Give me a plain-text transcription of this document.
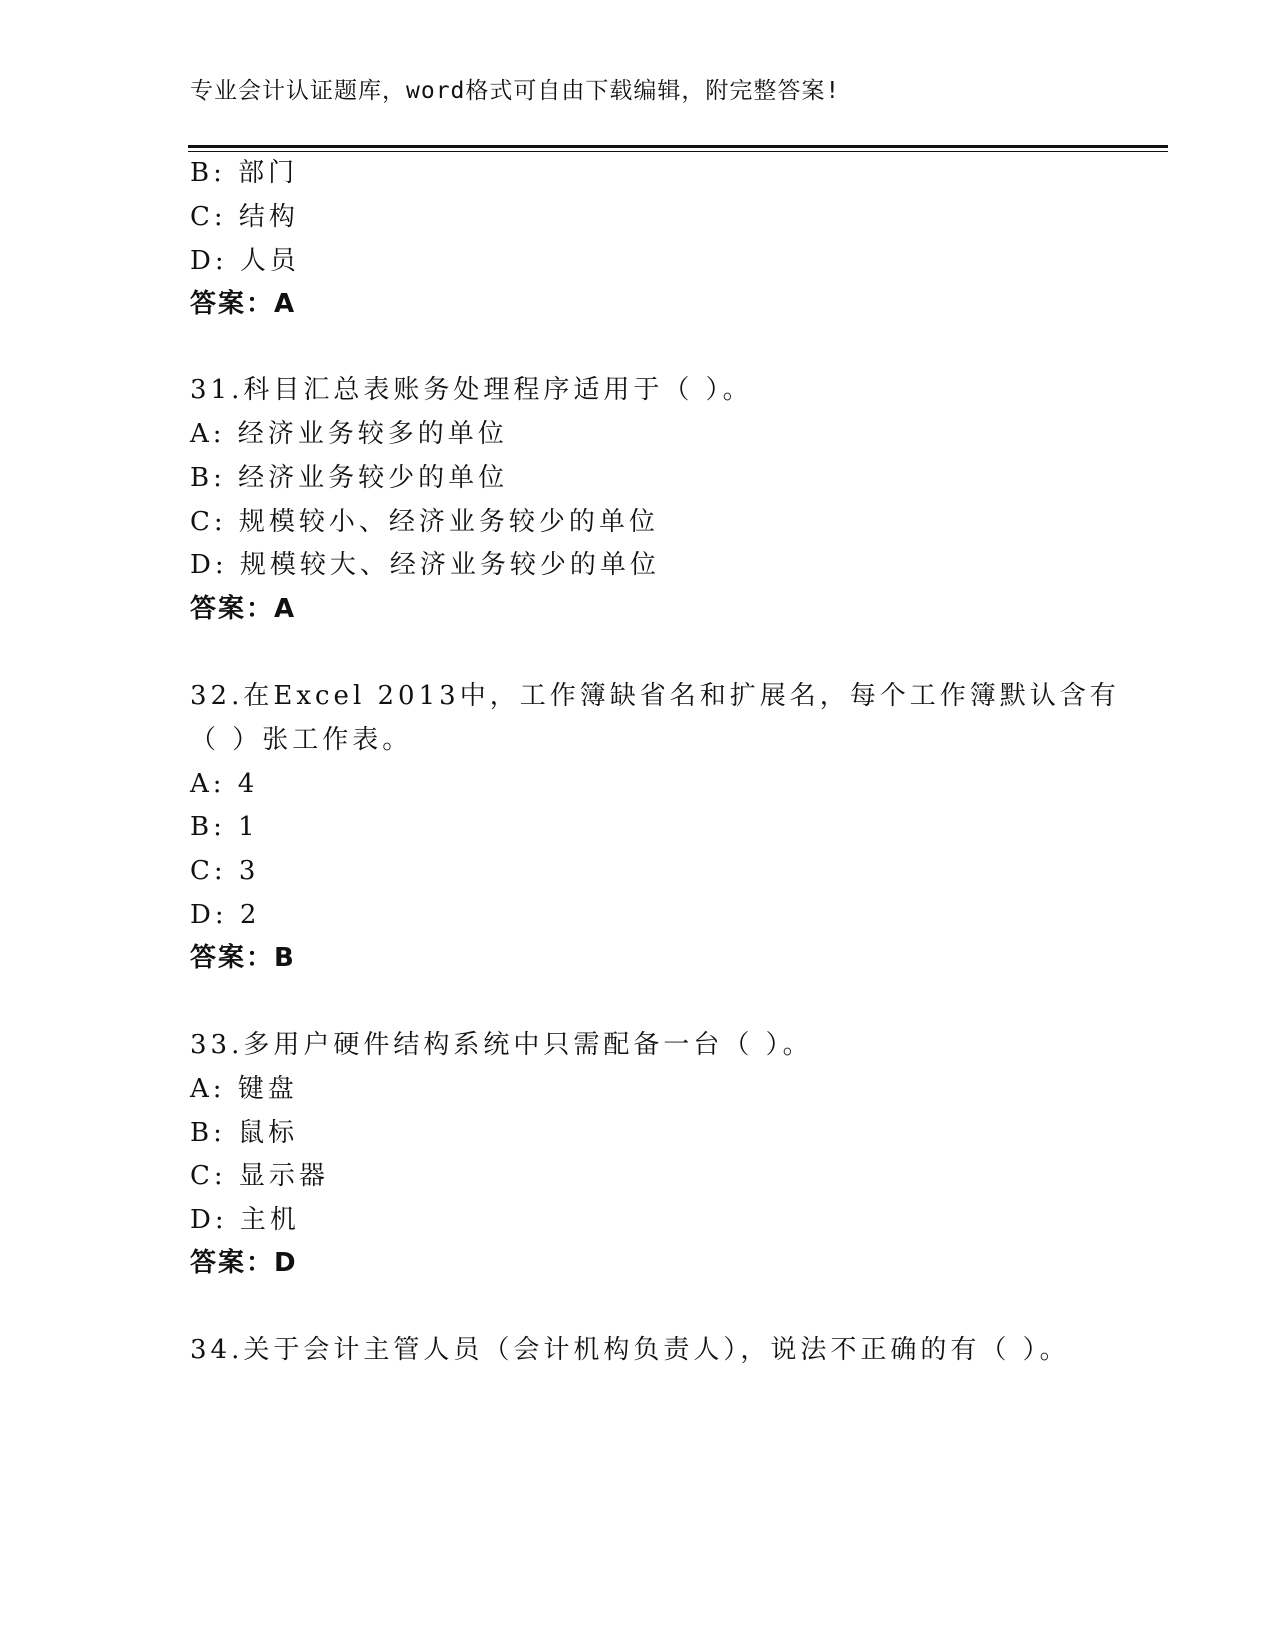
专业会计认证题库，word格式可自由下载编辑，附完整答案!
B: 部门
C: 结构
D: 人员
答案：A
31.科目汇总表账务处理程序适用于（ ）。
A: 经济业务较多的单位
B: 经济业务较少的单位
C: 规模较小、经济业务较少的单位
D: 规模较大、经济业务较少的单位
答案：A
32.在Excel 2013中，工作簿缺省名和扩展名，每个工作簿默认含有
（ ）张工作表。
A: 4
B: 1
C: 3
D: 2
答案：B
33.多用户硬件结构系统中只需配备一台（ ）。
A: 键盘
B: 鼠标
C: 显示器
D: 主机
答案：D
34.关于会计主管人员（会计机构负责人），说法不正确的有（ ）。
